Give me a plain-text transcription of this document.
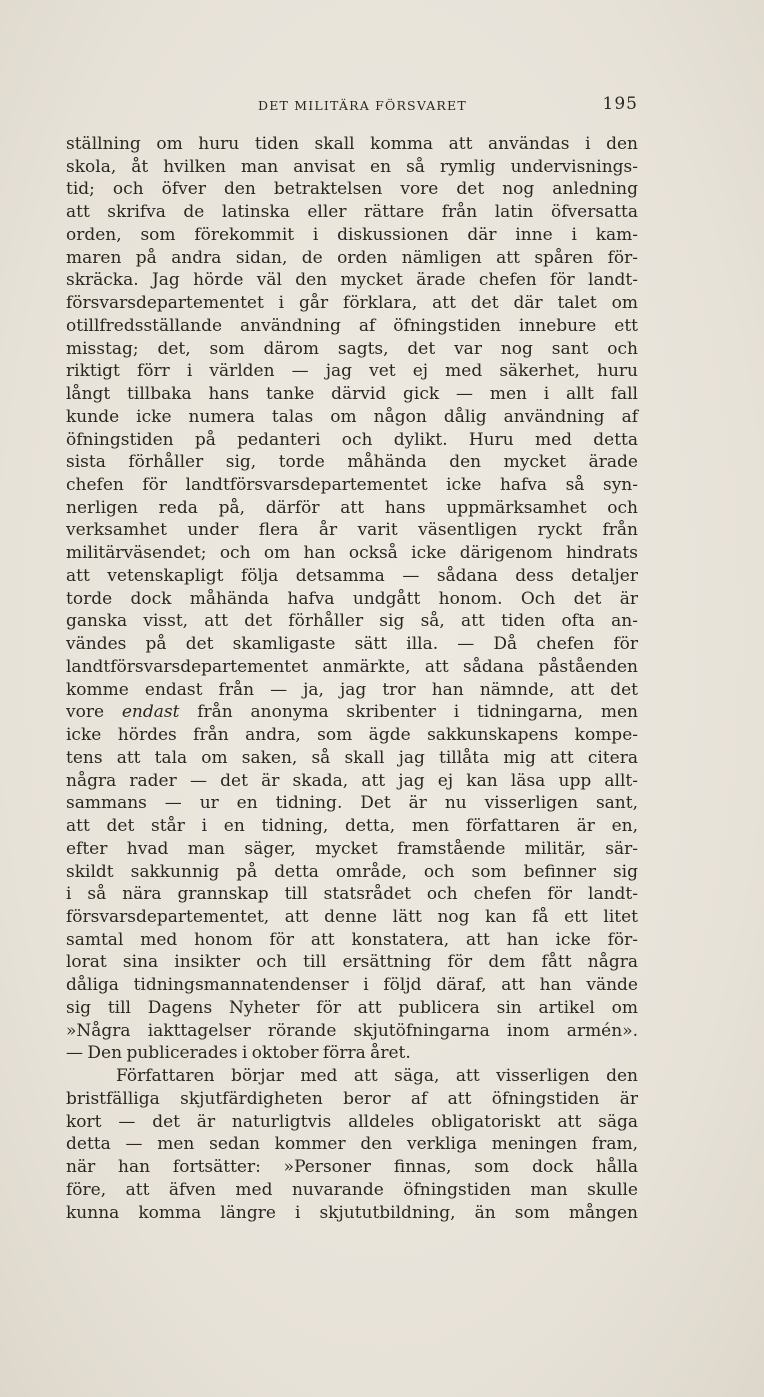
DET MILITÄRA FÖRSVARET	195
ställning om huru tiden skall komma att användas i den
skola, åt hvilken man anvisat en så rymlig undervisnings-
tid; och öfver den betraktelsen vore det nog anledning
att skrifva de latinska eller rättare från latin öfversatta
orden, som förekommit i diskussionen där inne i kam-
maren på andra sidan, de orden nämligen att spåren för-
skräcka. Jag hörde väl den mycket ärade chefen för landt-
försvarsdepartementet i går förklara, att det där talet om
otillfredsställande användning af öfningstiden innebure ett
misstag; det, som därom sagts, det var nog sant och
riktigt förr i världen — jag vet ej med säkerhet, huru
långt tillbaka hans tanke därvid gick — men i allt fall
kunde icke numera talas om någon dålig användning af
öfningstiden på pedanteri och dylikt. Huru med detta
sista förhåller sig, torde måhända den mycket ärade
chefen för landtförsvarsdepartementet icke hafva så syn-
nerligen reda på, därför att hans uppmärksamhet och
verksamhet under flera år varit väsentligen ryckt från
militärväsendet; och om han också icke därigenom hindrats
att vetenskapligt följa detsamma — sådana dess detaljer
torde dock måhända hafva undgått honom. Och det är
ganska visst, att det förhåller sig så, att tiden ofta an-
vändes på det skamligaste sätt illa. — Då chefen för
landtförsvarsdepartementet anmärkte, att sådana påståenden
komme endast från — ja, jag tror han nämnde, att det
vore endast från anonyma skribenter i tidningarna, men
icke hördes från andra, som ägde sakkunskapens kompe-
tens att tala om saken, så skall jag tillåta mig att citera
några rader — det är skada, att jag ej kan läsa upp allt-
sammans — ur en tidning. Det är nu visserligen sant,
att det står i en tidning, detta, men författaren är en,
efter hvad man säger, mycket framstående militär, sär-
skildt sakkunnig på detta område, och som befinner sig
i så nära grannskap till statsrådet och chefen för landt-
försvarsdepartementet, att denne lätt nog kan få ett litet
samtal med honom för att konstatera, att han icke för-
lorat sina insikter och till ersättning för dem fått några
dåliga tidningsmannatendenser i följd däraf, att han vände
sig till Dagens Nyheter för att publicera sin artikel om
»Några iakttagelser rörande skjutöfningarna inom armén».
— Den publicerades i oktober förra året.
Författaren börjar med att säga, att visserligen den
bristfälliga skjutfärdigheten beror af att öfningstiden är
kort — det är naturligtvis alldeles obligatoriskt att säga
detta — men sedan kommer den verkliga meningen fram,
när han fortsätter: »Personer finnas, som dock hålla
före, att äfven med nuvarande öfningstiden man skulle
kunna komma längre i skjututbildning, än som mången
